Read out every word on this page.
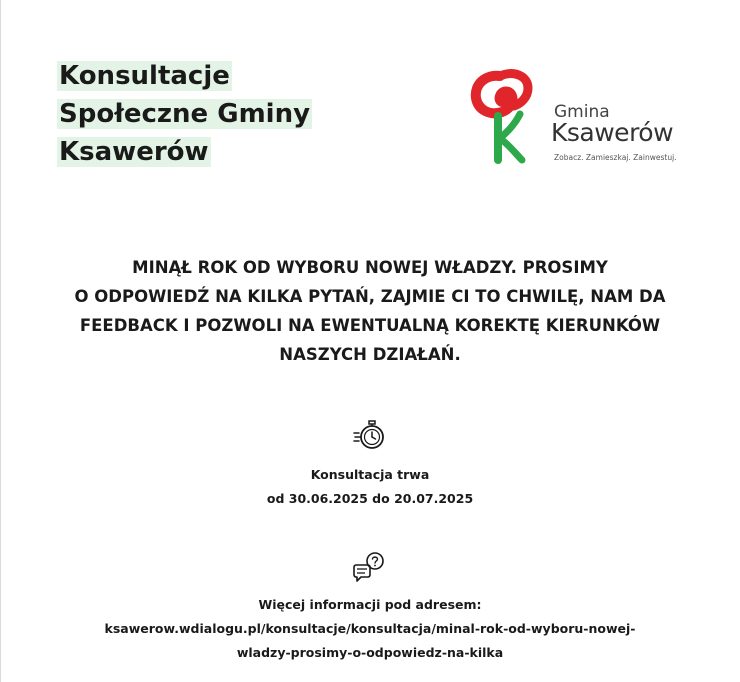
Konsultacje
Społeczne Gminy
Ksawerów
Gmina
Ksawerów
Zobacz. Zamieszkaj. Zainwestuj.

MINĄŁ ROK OD WYBORU NOWEJ WŁADZY. PROSIMY
O ODPOWIEDŹ NA KILKA PYTAŃ, ZAJMIE CI TO CHWILĘ, NAM DA
FEEDBACK I POZWOLI NA EWENTUALNĄ KOREKTĘ KIERUNKÓW
NASZYCH DZIAŁAŃ.

Konsultacja trwa
od 30.06.2025 do 20.07.2025
Więcej informacji pod adresem:
ksawerow.wdialogu.pl/konsultacje/konsultacja/minal-rok-od-wyboru-nowej-
wladzy-prosimy-o-odpowiedz-na-kilka
